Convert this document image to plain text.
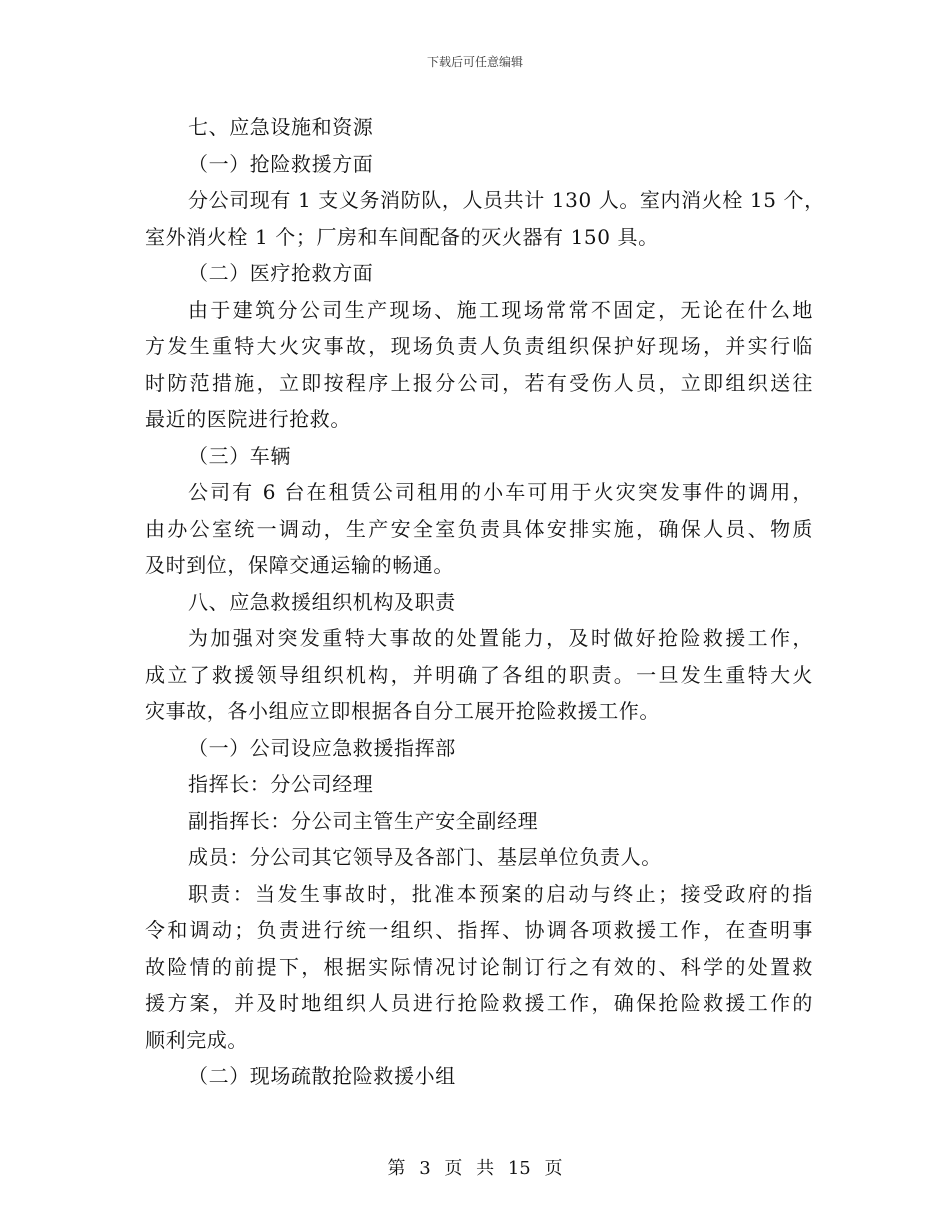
下载后可任意编辑
七、应急设施和资源
（一）抢险救援方面
分公司现有 1 支义务消防队，人员共计 130 人。室内消火栓 15 个，
室外消火栓 1 个；厂房和车间配备的灭火器有 150 具。
（二）医疗抢救方面
由于建筑分公司生产现场、施工现场常常不固定，无论在什么地
方发生重特大火灾事故，现场负责人负责组织保护好现场，并实行临
时防范措施，立即按程序上报分公司，若有受伤人员，立即组织送往
最近的医院进行抢救。
（三）车辆
公司有 6 台在租赁公司租用的小车可用于火灾突发事件的调用，
由办公室统一调动，生产安全室负责具体安排实施，确保人员、物质
及时到位，保障交通运输的畅通。
八、应急救援组织机构及职责
为加强对突发重特大事故的处置能力，及时做好抢险救援工作，
成立了救援领导组织机构，并明确了各组的职责。一旦发生重特大火
灾事故，各小组应立即根据各自分工展开抢险救援工作。
（一）公司设应急救援指挥部
指挥长：分公司经理
副指挥长：分公司主管生产安全副经理
成员：分公司其它领导及各部门、基层单位负责人。
职责：当发生事故时，批准本预案的启动与终止；接受政府的指
令和调动；负责进行统一组织、指挥、协调各项救援工作，在查明事
故险情的前提下，根据实际情况讨论制订行之有效的、科学的处置救
援方案，并及时地组织人员进行抢险救援工作，确保抢险救援工作的
顺利完成。
（二）现场疏散抢险救援小组
第 3 页 共 15 页
